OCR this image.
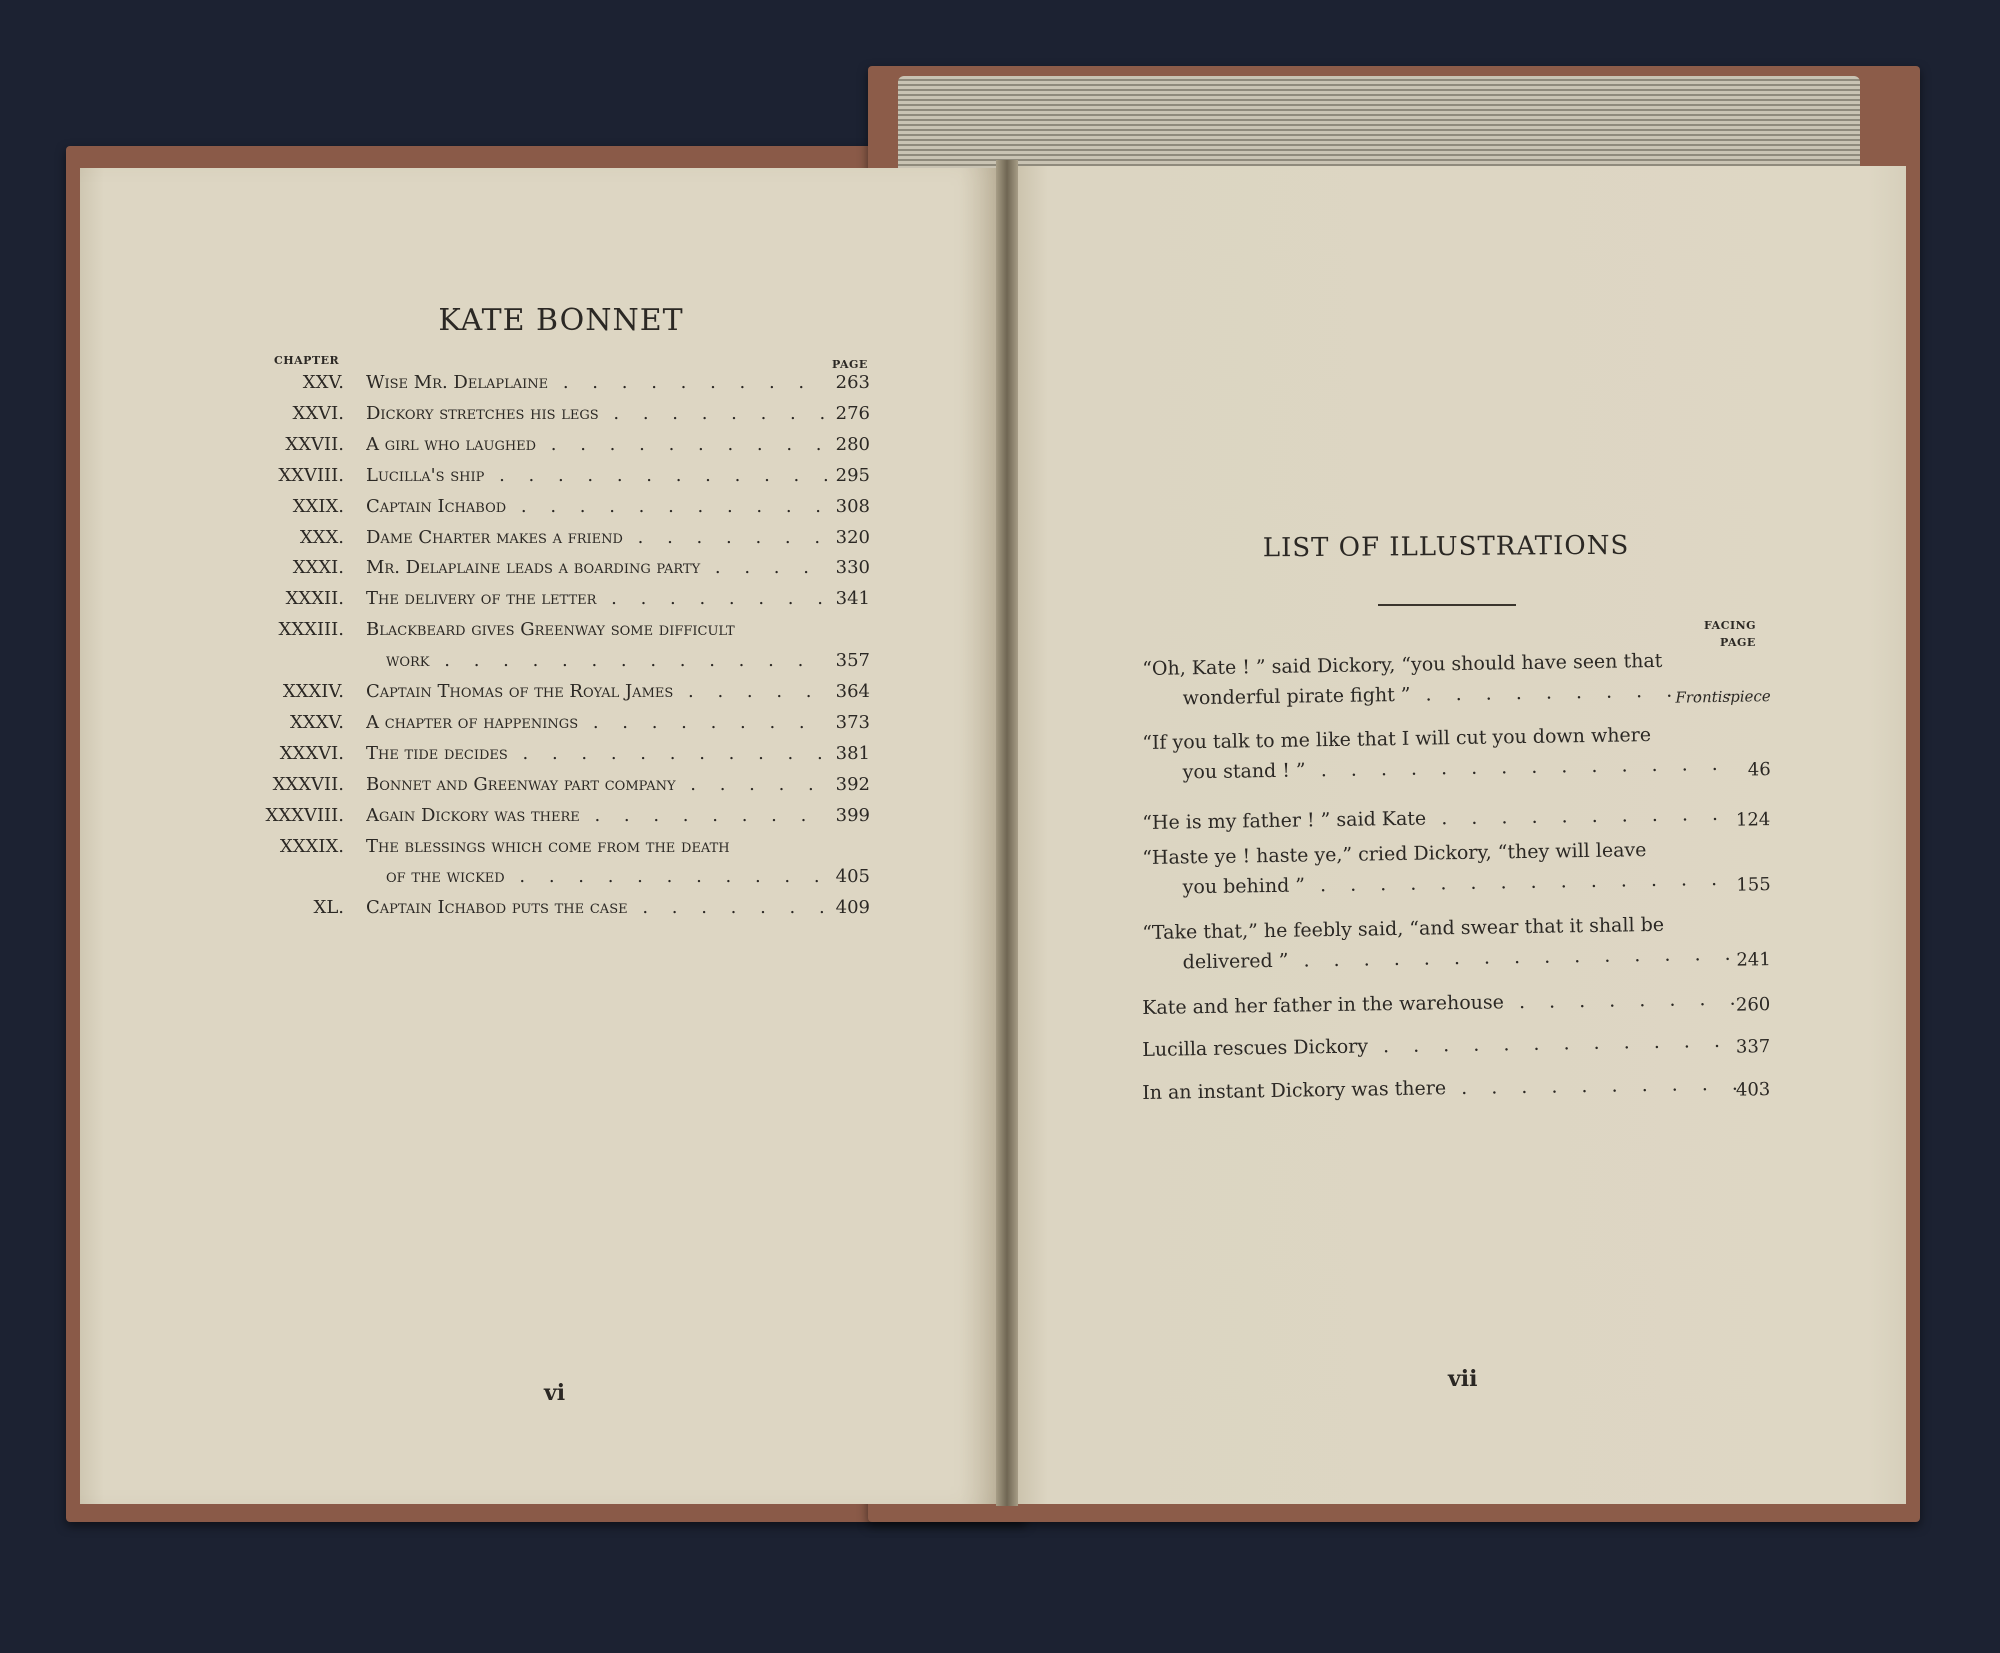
KATE BONNET
CHAPTER	PAGE
XXV. Wise Mr. Delaplaine . . .	263
XXVI. Dickory stretches his legs . . .	276
XXVII. A girl who laughed . . .	280
XXVIII. Lucilla's ship . . .	295
XXIX. Captain Ichabod . . .	308
XXX. Dame Charter makes a friend . . .	320
XXXI. Mr. Delaplaine leads a boarding party . . .	330
XXXII. The delivery of the letter . . .	341
XXXIII. Blackbeard gives Greenway some difficult
work . . .	357
XXXIV. Captain Thomas of the Royal James . . .	364
XXXV. A chapter of happenings . . .	373
XXXVI. The tide decides . . .	381
XXXVII. Bonnet and Greenway part company . . .	392
XXXVIII. Again Dickory was there . . .	399
XXXIX. The blessings which come from the death
of the wicked . . .	405
XL. Captain Ichabod puts the case . . .	409
vi
LIST OF ILLUSTRATIONS
FACING
PAGE
“Oh, Kate ! ” said Dickory, “you should have seen that
wonderful pirate fight ” . . .	Frontispiece
“If you talk to me like that I will cut you down where
you stand ! ” . . .	46
“He is my father ! ” said Kate . . .	124
“Haste ye ! haste ye,” cried Dickory, “they will leave
you behind ” . . .	155
“Take that,” he feebly said, “and swear that it shall be
delivered ” . . .	241
Kate and her father in the warehouse . . .	260
Lucilla rescues Dickory . . .	337
In an instant Dickory was there . . .	403
vii
